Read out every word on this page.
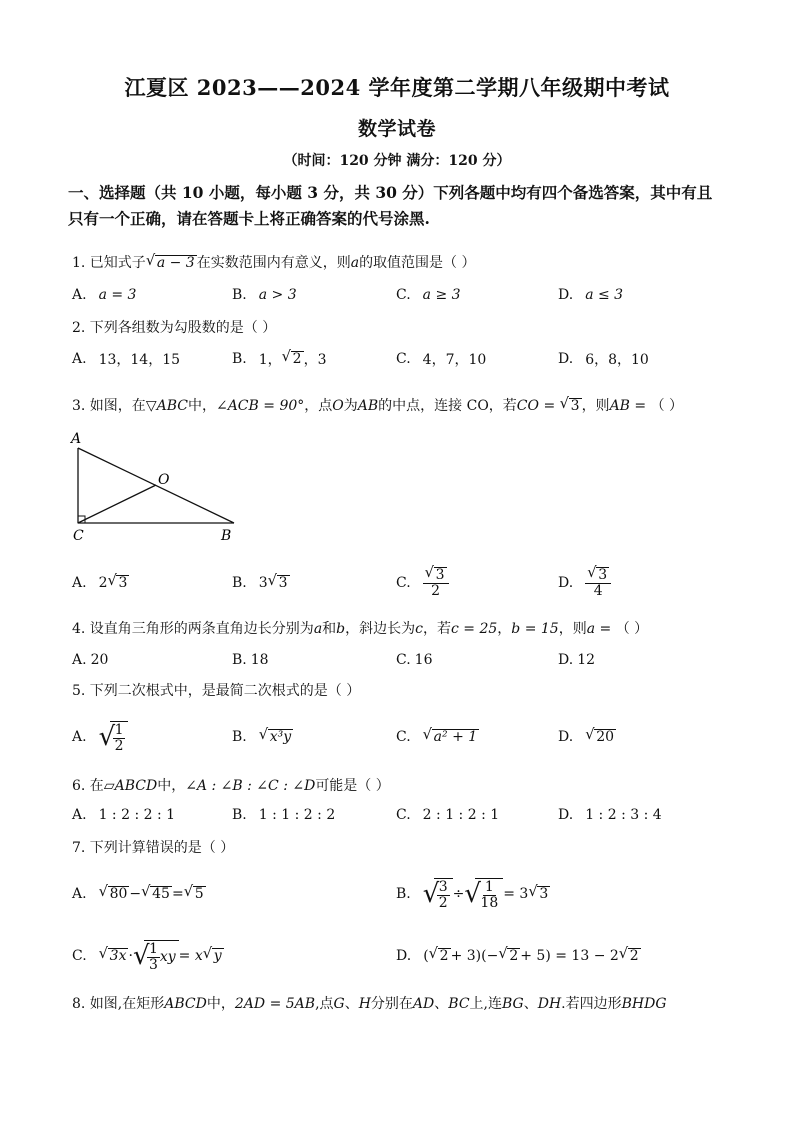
江夏区 2023——2024 学年度第二学期八年级期中考试
数学试卷
（时间：120 分钟 满分：120 分）
一、选择题（共 10 小题，每小题 3 分，共 30 分）下列各题中均有四个备选答案，其中有且
只有一个正确，请在答题卡上将正确答案的代号涂黑.
1. 已知式子 √ a − 3 在实数范围内有意义，则a的取值范围是（ ）
A. a = 3	B. a > 3	C. a ≥ 3	D. a ≤ 3
2. 下列各组数为勾股数的是（ ）
A. 13，14，15	B. 1， √ 2 ，3	C. 4，7，10	D. 6，8，10
3. 如图，在▽ABC中，∠ACB = 90°，点O为AB的中点，连接 CO，若CO = √ 3 ，则AB = （ ）
A
O
C	B
A. 2 √ 3	B. 3 √ 3	C. √ $\frac{3}{2}$	D. √ $\frac{3}{4}$
4. 设直角三角形的两条直角边长分别为a和b，斜边长为c，若c = 25，b = 15，则a = （ ）
A. 20	B. 18	C. 16	D. 12
5. 下列二次根式中，是最简二次根式的是（ ）
A. √ $\frac{1}{2}$	B. √ x³y	C. √ a² + 1	D. √ 20
6. 在▱ABCD中，∠A : ∠B : ∠C : ∠D可能是（ ）
A. 1 : 2 : 2 : 1	B. 1 : 1 : 2 : 2	C. 2 : 1 : 2 : 1	D. 1 : 2 : 3 : 4
7. 下列计算错误的是（ ）
A. √ 80 − √ 45 = √ 5	B. √ $\frac{3}{2}$ ÷ √ $\frac{1}{18} = 3$ √ 3
C. √ 3x · √ $\frac{1}{3}$ xy = x √ y	D. ( √ 2 + 3)(− √ 2 + 5) = 13 − 2 √ 2
8. 如图,在矩形ABCD中，2AD = 5AB,点G、H分别在AD、BC上,连BG、DH.若四边形BHDG
